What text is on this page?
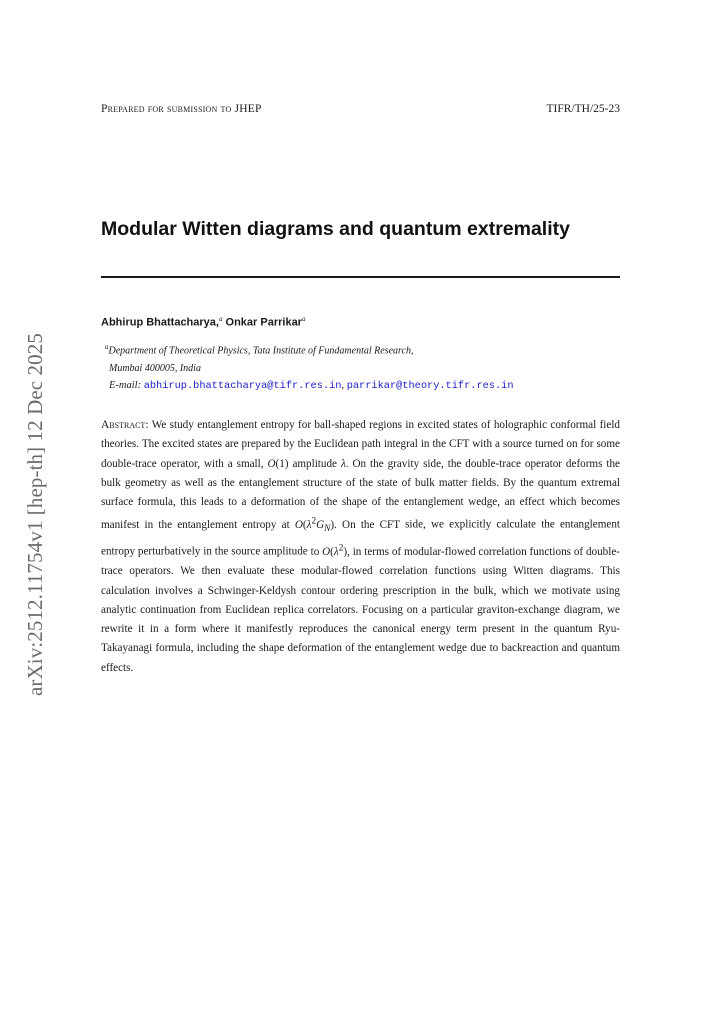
arXiv:2512.11754v1 [hep-th] 12 Dec 2025
Prepared for submission to JHEP	TIFR/TH/25-23
Modular Witten diagrams and quantum extremality
Abhirup Bhattacharya,$^a$ Onkar Parrikar$^a$
$^a$Department of Theoretical Physics, Tata Institute of Fundamental Research,
Mumbai 400005, India
E-mail: abhirup.bhattacharya@tifr.res.in, parrikar@theory.tifr.res.in

Abstract: We study entanglement entropy for ball-shaped regions in excited states of holographic conformal field theories. The excited states are prepared by the Euclidean path integral in the CFT with a source turned on for some double-trace operator, with a small, O(1) amplitude λ. On the gravity side, the double-trace operator deforms the bulk geometry as well as the entanglement structure of the state of bulk matter fields. By the quantum extremal surface formula, this leads to a deformation of the shape of the entanglement wedge, an effect which becomes manifest in the entanglement entropy at $O(\lambda^2G_N)$. On the CFT side, we explicitly calculate the entanglement entropy perturbatively in the source amplitude to $O(\lambda^2)$, in terms of modular-flowed correlation functions of double-trace operators. We then evaluate these modular-flowed correlation functions using Witten diagrams. This calculation involves a Schwinger-Keldysh contour ordering prescription in the bulk, which we motivate using analytic continuation from Euclidean replica correlators. Focusing on a particular graviton-exchange diagram, we rewrite it in a form where it manifestly reproduces the canonical energy term present in the quantum Ryu-Takayanagi formula, including the shape deformation of the entanglement wedge due to backreaction and quantum effects.
